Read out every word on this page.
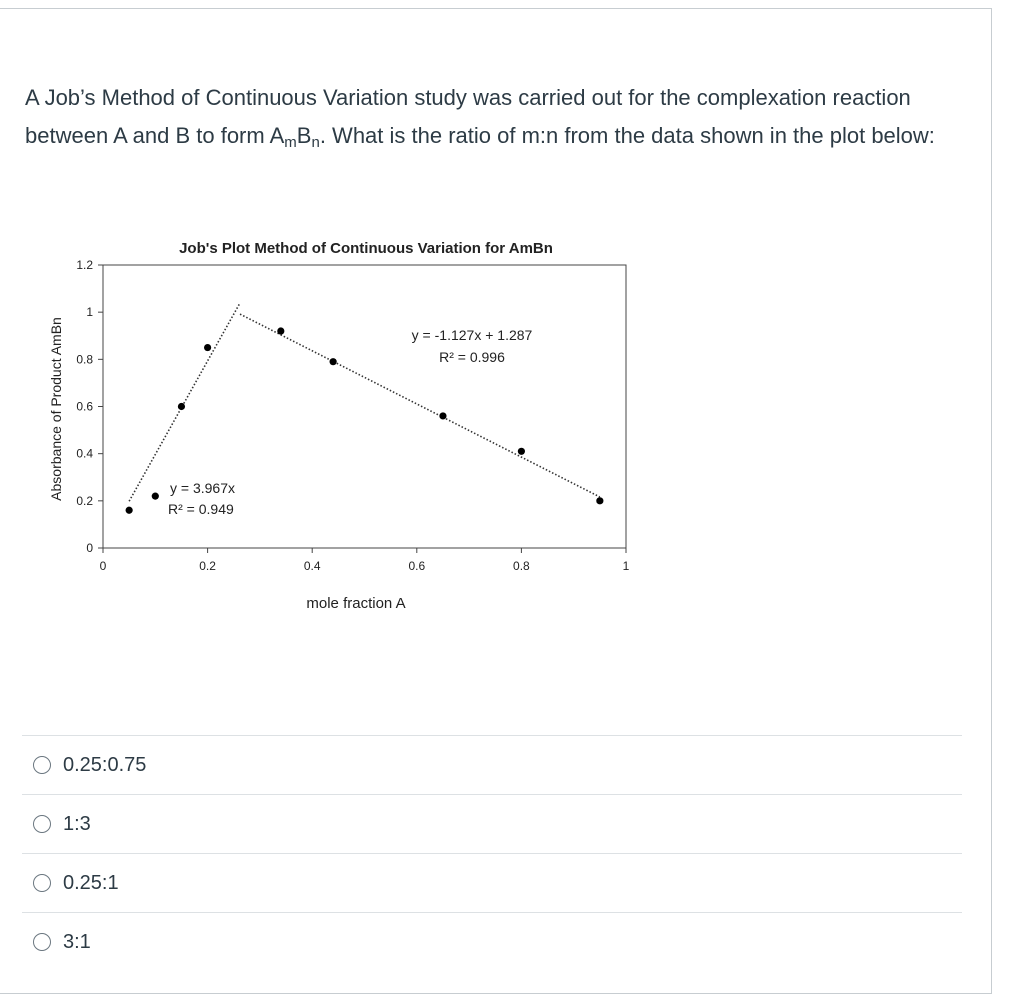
A Job’s Method of Continuous Variation study was carried out for the complexation reaction between A and B to form $A_mB_n$. What is the ratio of m:n from the data shown in the plot below:
Job's Plot Method of Continuous Variation for AmBn
0
0.2
0.4
0.6
0.8
1
1.2
0	0.2	0.4	0.6	0.8	1
Absorbance of Product AmBn
mole fraction A
y = 3.967x
R² = 0.949
y = -1.127x + 1.287
R² = 0.996
0.25:0.75
1:3
0.25:1
3:1
